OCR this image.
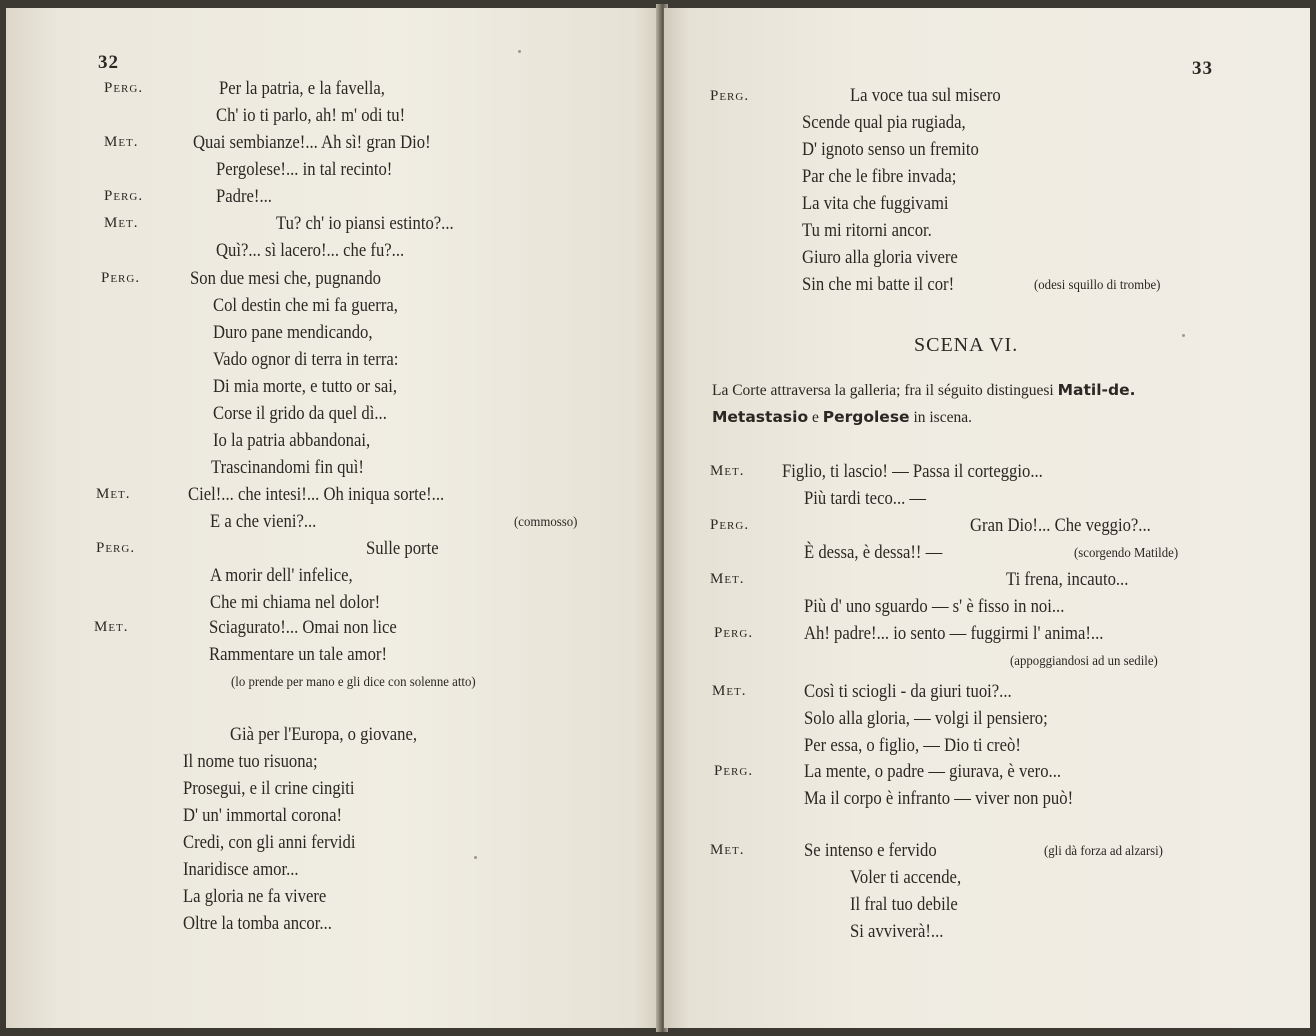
32
Perg.	Per la patria, e la favella,
Ch' io ti parlo, ah! m' odi tu!
Met.	Quai sembianze!... Ah sì! gran Dio!
Pergolese!... in tal recinto!
Perg.	Padre!...
Met.	Tu? ch' io piansi estinto?...
Quì?... sì lacero!... che fu?...
Perg.	Son due mesi che, pugnando
Col destin che mi fa guerra,
Duro pane mendicando,
Vado ognor di terra in terra:
Di mia morte, e tutto or sai,
Corse il grido da quel dì...
Io la patria abbandonai,
Trascinandomi fin quì!
Met.	Ciel!... che intesi!... Oh iniqua sorte!...
E a che vieni?...	(commosso)
Perg.	Sulle porte
A morir dell' infelice,
Che mi chiama nel dolor!
Met.	Sciagurato!... Omai non lice
Rammentare un tale amor!
(lo prende per mano e gli dice con solenne atto)
Già per l'Europa, o giovane,
Il nome tuo risuona;
Prosegui, e il crine cingiti
D' un' immortal corona!
Credi, con gli anni fervidi
Inaridisce amor...
La gloria ne fa vivere
Oltre la tomba ancor...
33
Perg.	La voce tua sul misero
Scende qual pia rugiada,
D' ignoto senso un fremito
Par che le fibre invada;
La vita che fuggivami
Tu mi ritorni ancor.
Giuro alla gloria vivere
Sin che mi batte il cor!	(odesi squillo di trombe)
SCENA VI.
La Corte attraversa la galleria; fra il séguito distinguesi Matil-de. Metastasio e Pergolese in iscena.
Met. Figlio, ti lascio! — Passa il corteggio...
Più tardi teco... —
Perg.	Gran Dio!... Che veggio?...
È dessa, è dessa!! —	(scorgendo Matilde)
Met.	Ti frena, incauto...
Più d' uno sguardo — s' è fisso in noi...
Perg.	Ah! padre!... io sento — fuggirmi l' anima!...
(appoggiandosi ad un sedile)
Met.	Così ti sciogli - da giuri tuoi?...
Solo alla gloria, — volgi il pensiero;
Per essa, o figlio, — Dio ti creò!
Perg.	La mente, o padre — giurava, è vero...
Ma il corpo è infranto — viver non può!
Met.	Se intenso e fervido	(gli dà forza ad alzarsi)
Voler ti accende,
Il fral tuo debile
Si avviverà!...
